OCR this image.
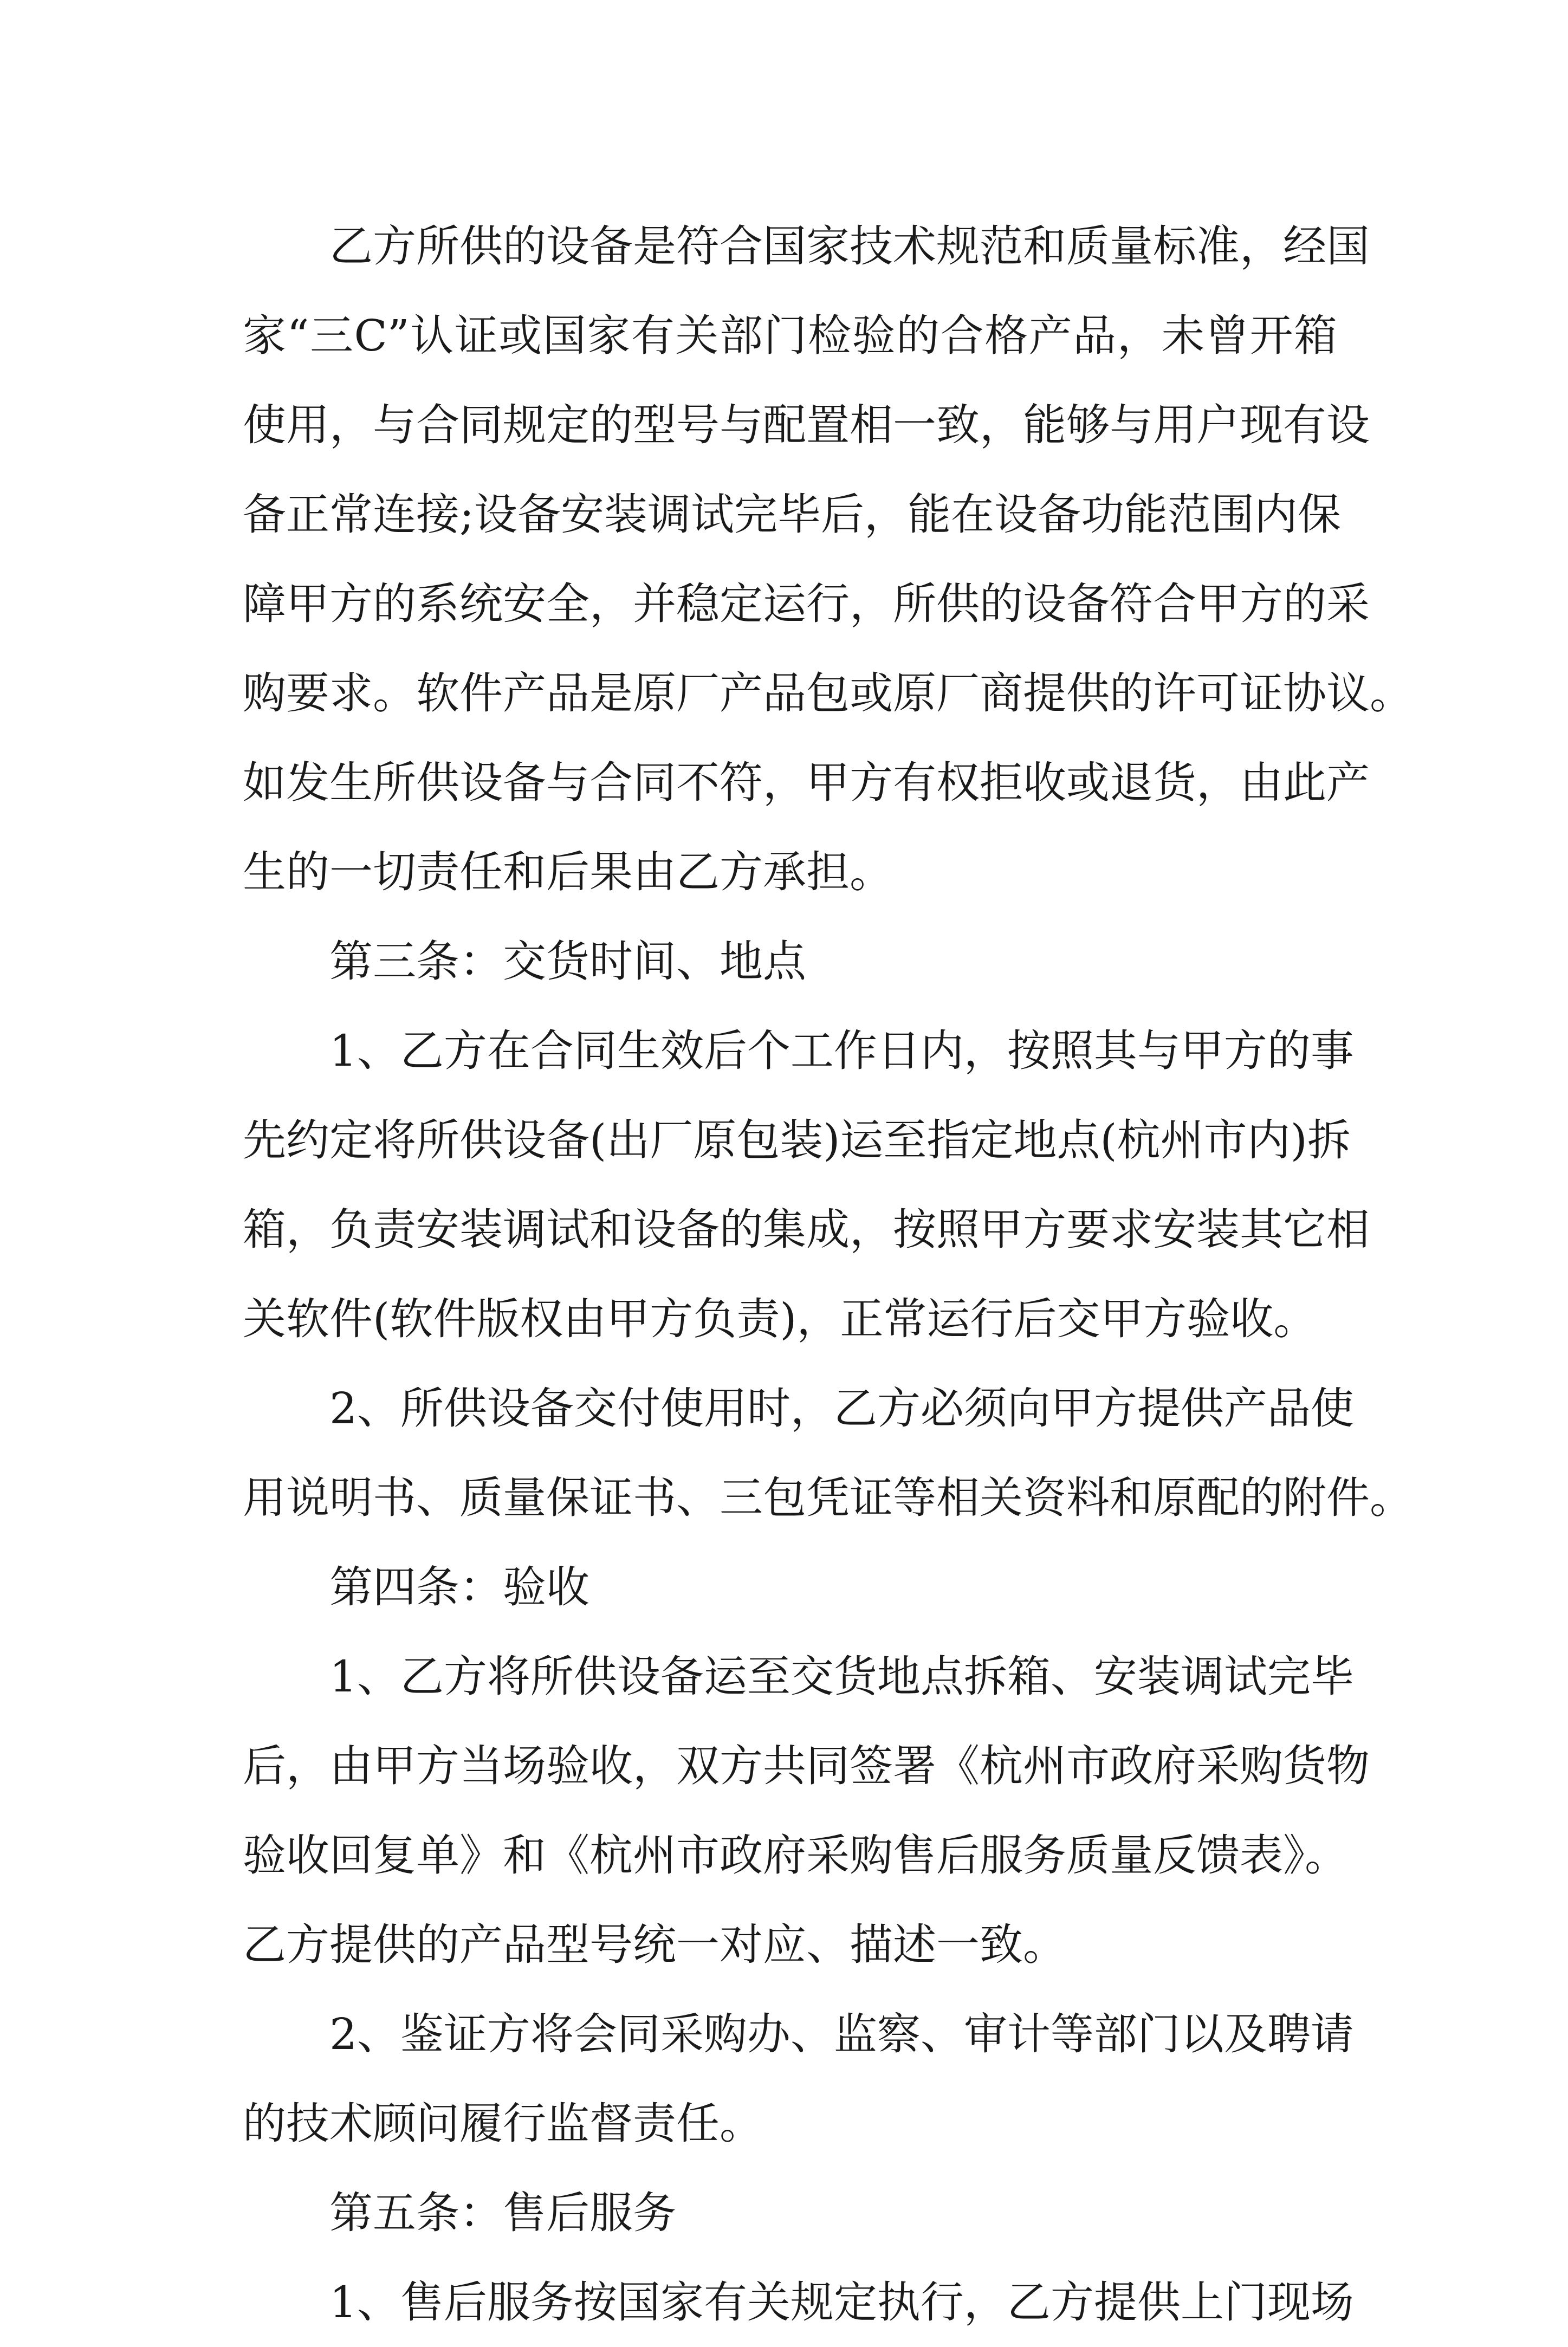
乙方所供的设备是符合国家技术规范和质量标准，经国
家“三C”认证或国家有关部门检验的合格产品，未曾开箱
使用，与合同规定的型号与配置相一致，能够与用户现有设
备正常连接;设备安装调试完毕后，能在设备功能范围内保
障甲方的系统安全，并稳定运行，所供的设备符合甲方的采
购要求。软件产品是原厂产品包或原厂商提供的许可证协议。
如发生所供设备与合同不符，甲方有权拒收或退货，由此产
生的一切责任和后果由乙方承担。
第三条：交货时间、地点
1、乙方在合同生效后个工作日内，按照其与甲方的事
先约定将所供设备(出厂原包装)运至指定地点(杭州市内)拆
箱，负责安装调试和设备的集成，按照甲方要求安装其它相
关软件(软件版权由甲方负责)，正常运行后交甲方验收。
2、所供设备交付使用时，乙方必须向甲方提供产品使
用说明书、质量保证书、三包凭证等相关资料和原配的附件。
第四条：验收
1、乙方将所供设备运至交货地点拆箱、安装调试完毕
后，由甲方当场验收，双方共同签署《杭州市政府采购货物
验收回复单》和《杭州市政府采购售后服务质量反馈表》。
乙方提供的产品型号统一对应、描述一致。
2、鉴证方将会同采购办、监察、审计等部门以及聘请
的技术顾问履行监督责任。
第五条：售后服务
1、售后服务按国家有关规定执行，乙方提供上门现场
